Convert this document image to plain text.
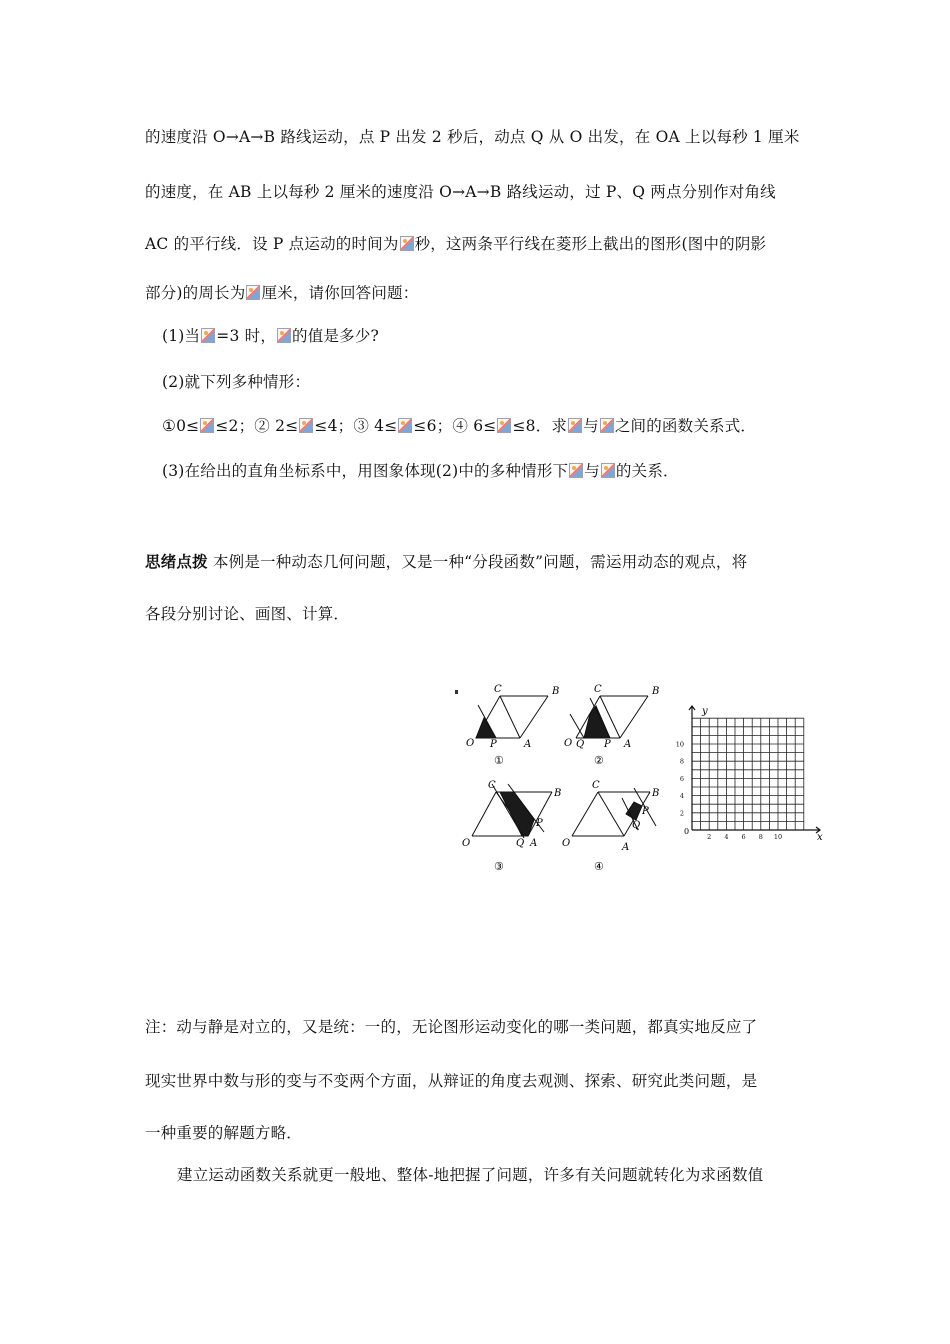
的速度沿 O→A→B 路线运动，点 P 出发 2 秒后，动点 Q 从 O 出发，在 OA 上以每秒 1 厘米
的速度，在 AB 上以每秒 2 厘米的速度沿 O→A→B 路线运动，过 P、Q 两点分别作对角线
AC 的平行线．设 P 点运动的时间为 秒，这两条平行线在菱形上截出的图形(图中的阴影
部分)的周长为 厘米，请你回答问题：
(1)当 =3 时， 的值是多少?
(2)就下列多种情形：
①0≤ ≤2；② 2≤ ≤4；③ 4≤ ≤6；④ 6≤ ≤8．求 与 之间的函数关系式．
(3)在给出的直角坐标系中，用图象体现(2)中的多种情形下 与 的关系．
思绪点拨 本例是一种动态几何问题，又是一种“分段函数”问题，需运用动态的观点，将
各段分别讨论、画图、计算．
注：动与静是对立的，又是统：一的，无论图形运动变化的哪一类问题，都真实地反应了
现实世界中数与形的变与不变两个方面，从辩证的角度去观测、探索、研究此类问题，是
一种重要的解题方略．
建立运动函数关系就更一般地、整体-地把握了问题，许多有关问题就转化为求函数值
C	B
O	A
P
①
C	B
O Q P A
②
C
B
O	Q A
P
③
C
B
O	A
Q
P
④
y
x
0
2
4
6
8
10
2 4 6 8 10
